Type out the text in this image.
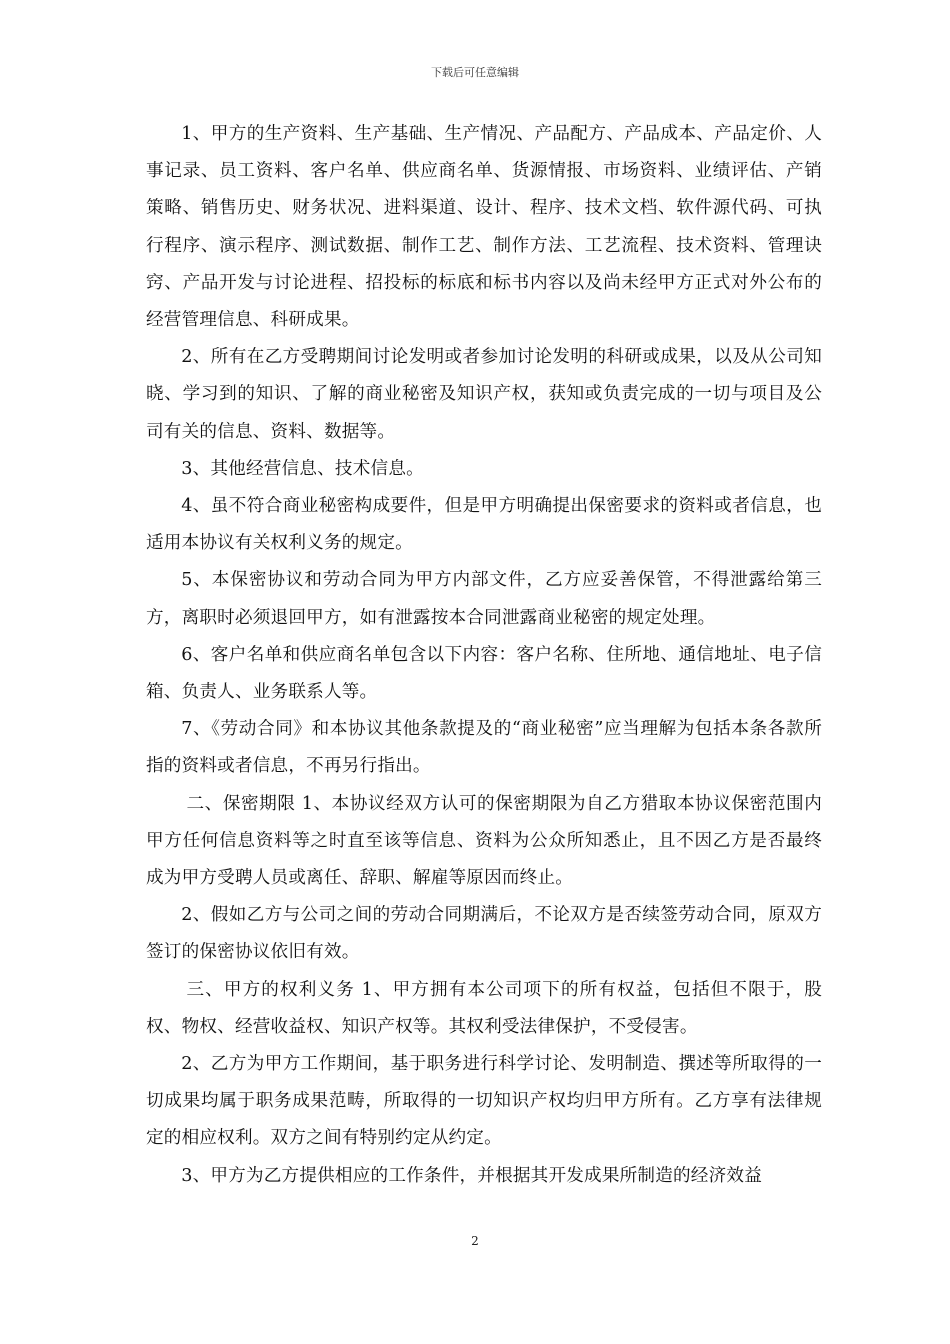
下载后可任意编辑

1、甲方的生产资料、生产基础、生产情况、产品配方、产品成本、产品定价、人事记录、员工资料、客户名单、供应商名单、货源情报、市场资料、业绩评估、产销策略、销售历史、财务状况、进料渠道、设计、程序、技术文档、软件源代码、可执行程序、演示程序、测试数据、制作工艺、制作方法、工艺流程、技术资料、管理诀窍、产品开发与讨论进程、招投标的标底和标书内容以及尚未经甲方正式对外公布的经营管理信息、科研成果。

2、所有在乙方受聘期间讨论发明或者参加讨论发明的科研或成果，以及从公司知晓、学习到的知识、了解的商业秘密及知识产权，获知或负责完成的一切与项目及公司有关的信息、资料、数据等。

3、其他经营信息、技术信息。

4、虽不符合商业秘密构成要件，但是甲方明确提出保密要求的资料或者信息，也适用本协议有关权利义务的规定。

5、本保密协议和劳动合同为甲方内部文件，乙方应妥善保管，不得泄露给第三方，离职时必须退回甲方，如有泄露按本合同泄露商业秘密的规定处理。

6、客户名单和供应商名单包含以下内容：客户名称、住所地、通信地址、电子信箱、负责人、业务联系人等。

7、《劳动合同》和本协议其他条款提及的“商业秘密”应当理解为包括本条各款所指的资料或者信息，不再另行指出。

二、保密期限 1、本协议经双方认可的保密期限为自乙方猎取本协议保密范围内甲方任何信息资料等之时直至该等信息、资料为公众所知悉止，且不因乙方是否最终成为甲方受聘人员或离任、辞职、解雇等原因而终止。

2、假如乙方与公司之间的劳动合同期满后，不论双方是否续签劳动合同，原双方签订的保密协议依旧有效。

三、甲方的权利义务 1、甲方拥有本公司项下的所有权益，包括但不限于，股权、物权、经营收益权、知识产权等。其权利受法律保护，不受侵害。

2、乙方为甲方工作期间，基于职务进行科学讨论、发明制造、撰述等所取得的一切成果均属于职务成果范畴，所取得的一切知识产权均归甲方所有。乙方享有法律规定的相应权利。双方之间有特别约定从约定。

3、甲方为乙方提供相应的工作条件，并根据其开发成果所制造的经济效益

2
